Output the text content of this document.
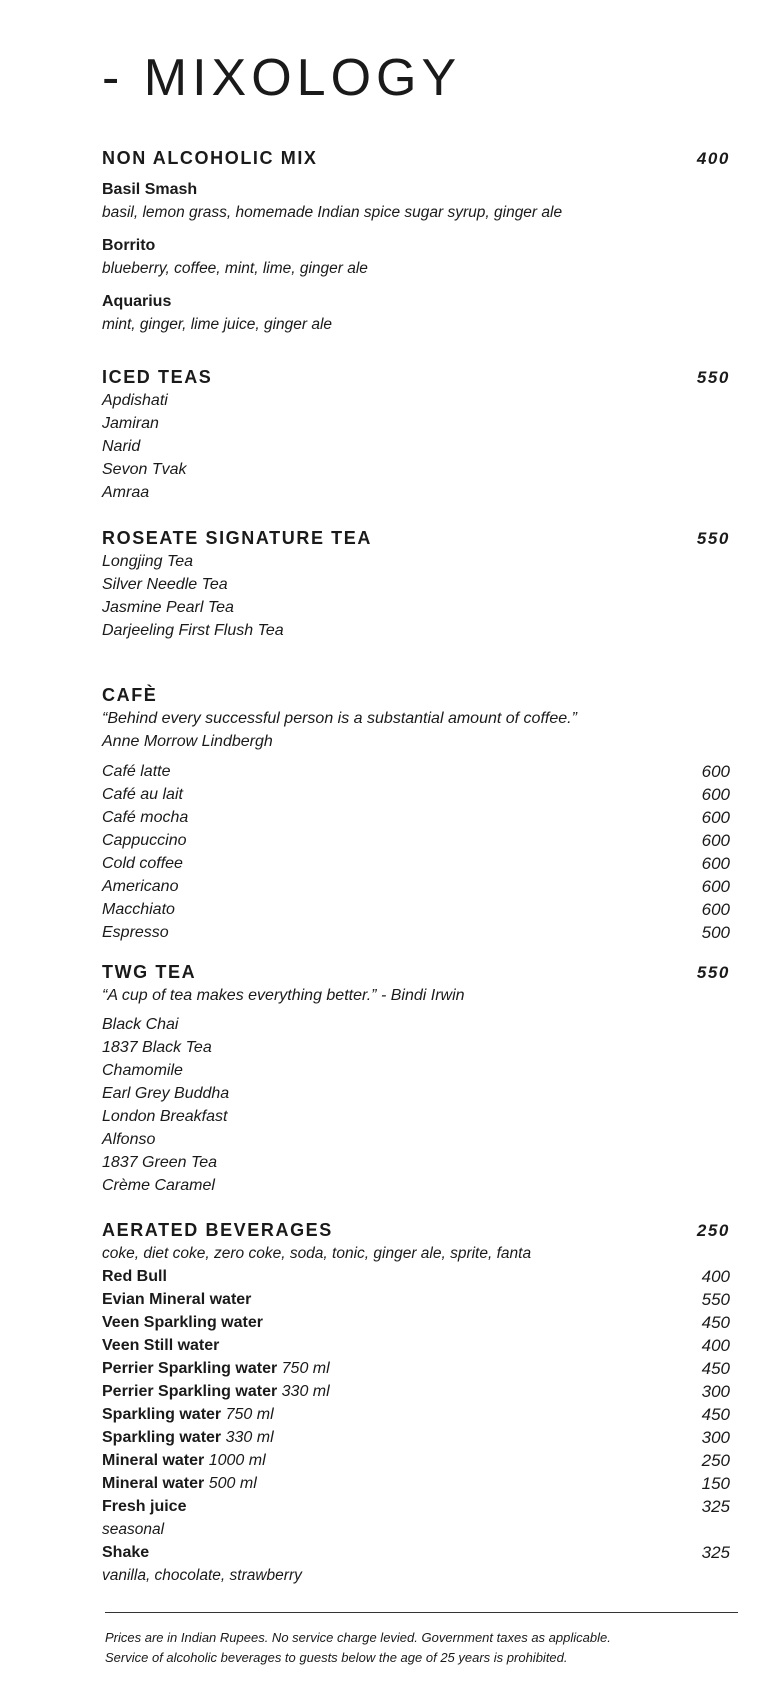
- MIXOLOGY
NON ALCOHOLIC MIX	400
Basil Smash
basil, lemon grass, homemade Indian spice sugar syrup, ginger ale
Borrito
blueberry, coffee, mint, lime, ginger ale
Aquarius
mint, ginger, lime juice, ginger ale
ICED TEAS	550
Apdishati
Jamiran
Narid
Sevon Tvak
Amraa
ROSEATE SIGNATURE TEA	550
Longjing Tea
Silver Needle Tea
Jasmine Pearl Tea
Darjeeling First Flush Tea
CAFÈ
“Behind every successful person is a substantial amount of coffee.”
Anne Morrow Lindbergh
Café latte	600
Café au lait	600
Café mocha	600
Cappuccino	600
Cold coffee	600
Americano	600
Macchiato	600
Espresso	500
TWG TEA	550
“A cup of tea makes everything better.” - Bindi Irwin
Black Chai
1837 Black Tea
Chamomile
Earl Grey Buddha
London Breakfast
Alfonso
1837 Green Tea
Crème Caramel
AERATED BEVERAGES	250
coke, diet coke, zero coke, soda, tonic, ginger ale, sprite, fanta
Red Bull	400
Evian Mineral water	550
Veen Sparkling water	450
Veen Still water	400
Perrier Sparkling water 750 ml	450
Perrier Sparkling water 330 ml	300
Sparkling water 750 ml	450
Sparkling water 330 ml	300
Mineral water 1000 ml	250
Mineral water 500 ml	150
Fresh juice	325
seasonal
Shake	325
vanilla, chocolate, strawberry
Prices are in Indian Rupees. No service charge levied. Government taxes as applicable.
Service of alcoholic beverages to guests below the age of 25 years is prohibited.
